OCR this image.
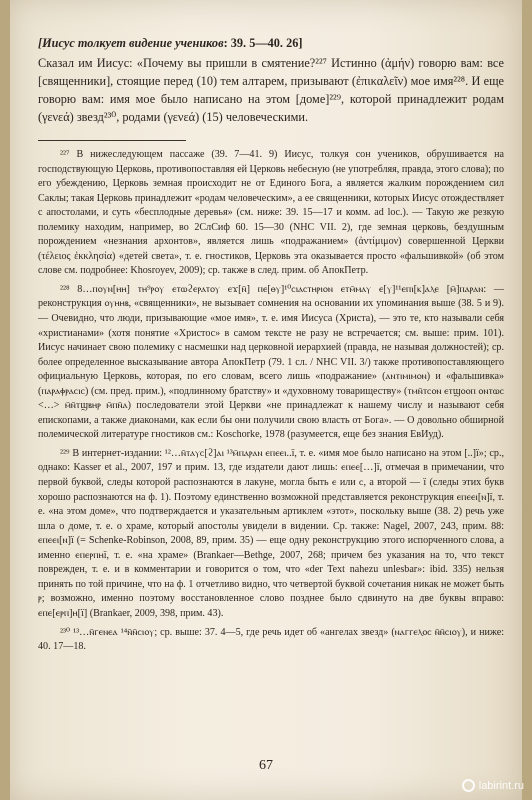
[Иисус толкует видение учеников: 39. 5—40. 26]

Сказал им Иисус: «Почему вы пришли в смятение?²²⁷ Истинно (ἀμήν) говорю вам: все [священники], стоящие перед (10) тем алтарем, призывают (ἐπικαλεῖν) мое имя²²⁸. И еще говорю вам: имя мое было написано на этом [доме]²²⁹, которой принадлежит родам (γενεά) звезд²³⁰, родами (γενεά) (15) человеческими.

²²⁷ В нижеследующем пассаже (39. 7—41. 9) Иисус, толкуя сон учеников, обрушивается на господствующую Церковь, противопоставляя ей Церковь небесную (не употребляя, правда, этого слова); по его убеждению, Церковь земная происходит не от Единого Бога, а является жалким порождением сил Саклы; такая Церковь принадлежит «родам человеческим», а ее священники, которых Иисус отождествляет с апостолами, и суть «бесплодные деревья» (см. ниже: 39. 15—17 и комм. ad loc.). — Такую же резкую полемику находим, например, во 2СлСиф 60. 15—30 (NHC VII. 2), где земная церковь, бездушным порождением «незнания архонтов», является лишь «подражанием» (ἀντίμιμον) совершенной Церкви (τέλειος ἐκκλησία) «детей света», т. е. гностиков, Церковь эта оказывается просто «фальшивкой» (об этом слове см. подробнее: Khosroyev, 2009); ср. также в след. прим. об АпокПетр.

²²⁸ 8…ⲡⲟⲩⲛ[ⲏⲏ] ⲧⲏ⁹ⲣⲟⲩ ⲉⲧⲱϩⲉⲣⲁⲧⲟⲩ ⲉϫ[ⲛ̄] ⲡⲉ[ⲑⲩ]¹⁰ⲥⲓⲁⲥⲧⲏⲣⲓⲟⲛ ⲉⲧⲙ̄ⲙⲁⲩ ⲉ[ⲩ]¹¹ⲉⲡⲓ[ⲕ]ⲁⲗⲉ [ⲙ̄]ⲡⲁⲣⲁⲛ: — реконструкция ⲟⲩⲏⲏⲃ, «священники», не вызывает сомнения на основании их упоминания выше (38. 5 и 9). — Очевидно, что люди, призывающие «мое имя», т. е. имя Иисуса (Христа), — это те, кто называли себя «христианами» (хотя понятие «Христос» в самом тексте не разу не встречается; см. выше: прим. 101). Иисус начинает свою полемику с насмешки над церковной иерархией (правда, не называя должностей); ср. более определенное высказывание автора АпокПетр (79. 1 сл. / NHC VII. 3/) также противопоставляющего официальную Церковь, которая, по его словам, всего лишь «подражание» (ⲁⲛⲧⲓⲙⲓⲙⲟⲛ) и «фальшивка» (ⲡⲁⲣⲁⲫⲣⲁⲥⲓⲥ) (см. пред. прим.), «подлинному братству» и «духовному товариществу» (ⲧⲙⲛ̄ⲧⲥⲟⲛ ⲉⲧϣⲟⲟⲡ ⲟⲛⲧⲱⲥ <…> ⲙ̄ⲛ̄ⲧϣⲃⲏⲣ ⲙ̄ⲡⲛ̄ⲁ) последователи этой Церкви «не принадлежат к нашему числу и называют себя епископами, а также диаконами, как если бы они получили свою власть от Бога». — О довольно обширной полемической литературе гностиков см.: Koschorke, 1978 (разумеется, еще без знания ЕвИуд).

²²⁹ В интернет-издании: ¹²…ⲛ̄ⲧⲁⲩⲥ[ϩ]ⲁⲓ ¹³ⲙ̄ⲡⲁⲣⲁⲛ ⲉⲡⲉⲉⲓ..ï, т. е. «имя мое было написано на этом [..]ï»; ср., однако: Kasser et al., 2007, 197 и прим. 13, где издатели дают лишь: ⲉⲡⲉⲉ[…]ï, отмечая в примечании, что первой буквой, следы которой распознаются в лакуне, могла быть ⲉ или ⲥ, а второй — ï (следы этих букв хорошо распознаются на ф. 1). Поэтому единственно возможной представляется реконструкция ⲉⲡⲉⲉⲓ[ⲛ]ï, т. е. «на этом доме», что подтверждается и указательным артиклем «этот», поскольку выше (38. 2) речь уже шла о доме, т. е. о храме, который апостолы увидели в видении. Ср. также: Nagel, 2007, 243, прим. 88: ⲉⲡⲉⲉⲓ[ⲛ]ï (= Schenke-Robinson, 2008, 89, прим. 35) — еще одну реконструкцию этого испорченного слова, а именно ⲉⲡⲉⲣⲡⲏï, т. е. «на храме» (Brankaer—Bethge, 2007, 268; причем без указания на то, что текст поврежден, т. е. и в комментарии и говорится о том, что «der Text nahezu unlesbar»: ibid. 335) нельзя принять по той причине, что на ф. 1 отчетливо видно, что четвертой буквой сочетания никак не может быть ⲣ; возможно, именно поэтому восстановленное слово позднее было сдвинуто на две буквы вправо: ⲉⲡⲉ[ⲉⲣⲡ]ⲏ[ï] (Brankaer, 2009, 398, прим. 43).

²³⁰ ¹³…ⲛ̄ⲅⲉⲛⲉⲁ ¹⁴ⲛ̄ⲛ̄ⲥⲓⲟⲩ; ср. выше: 37. 4—5, где речь идет об «ангелах звезд» (ⲛⲁⲅⲅⲉⲗⲟⲥ ⲛ̄ⲛ̄ⲥⲓⲟⲩ), и ниже: 40. 17—18.

67
labirint.ru
